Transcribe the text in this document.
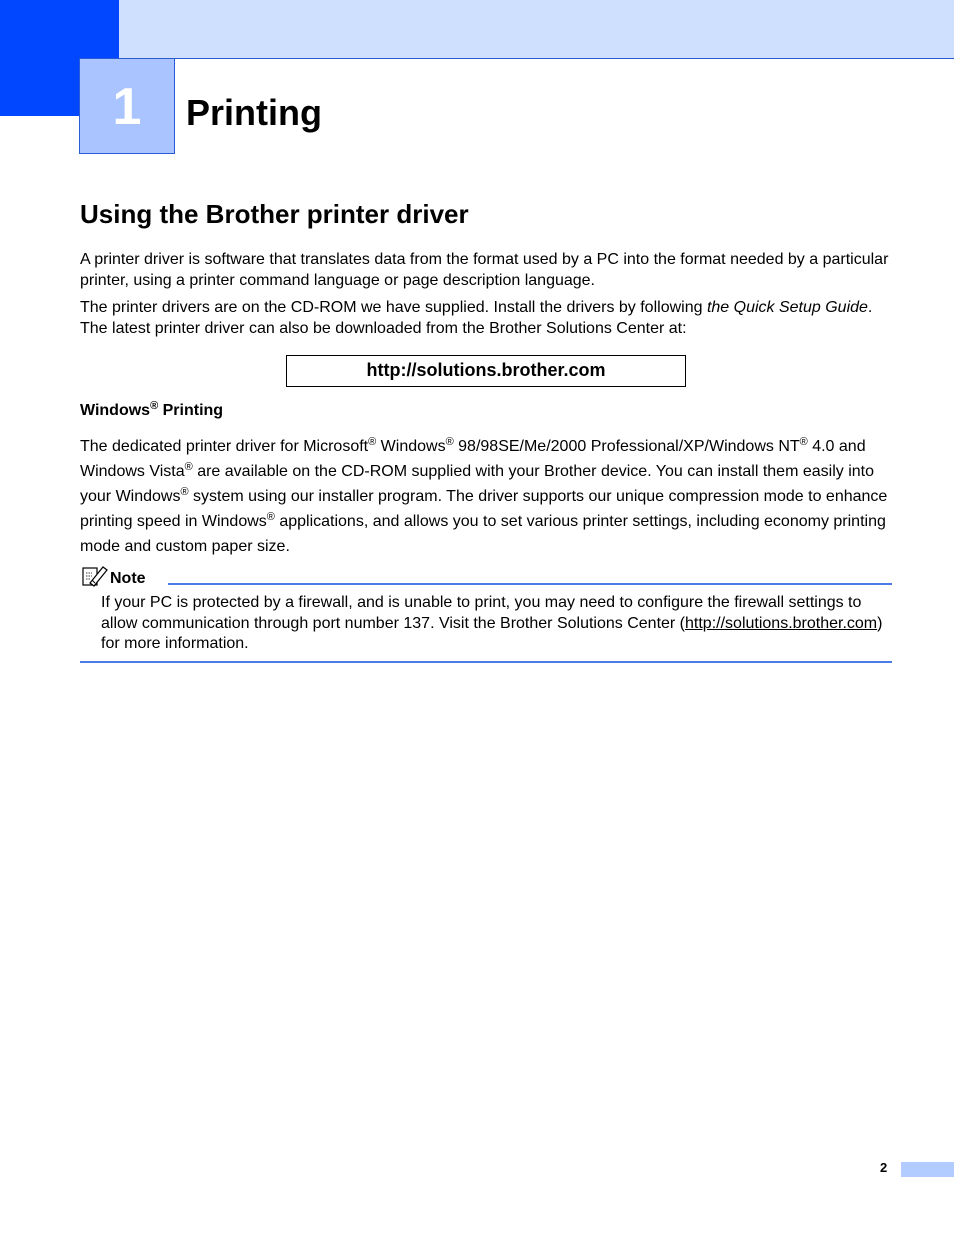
1	Printing
Using the Brother printer driver

A printer driver is software that translates data from the format used by a PC into the format needed by a particular printer, using a printer command language or page description language.

The printer drivers are on the CD-ROM we have supplied. Install the drivers by following the Quick Setup Guide. The latest printer driver can also be downloaded from the Brother Solutions Center at:

http://solutions.brother.com
Windows® Printing

The dedicated printer driver for Microsoft® Windows® 98/98SE/Me/2000 Professional/XP/Windows NT® 4.0 and Windows Vista® are available on the CD-ROM supplied with your Brother device. You can install them easily into your Windows® system using our installer program. The driver supports our unique compression mode to enhance printing speed in Windows® applications, and allows you to set various printer settings, including economy printing mode and custom paper size.

Note

If your PC is protected by a firewall, and is unable to print, you may need to configure the firewall settings to allow communication through port number 137. Visit the Brother Solutions Center (http://solutions.brother.com) for more information.

2
